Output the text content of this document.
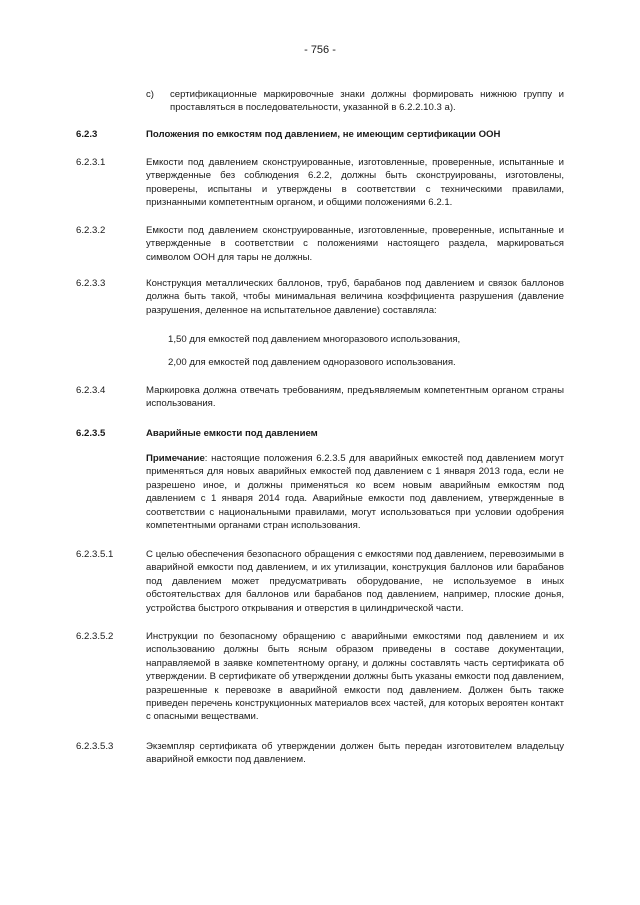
- 756 -
c) сертификационные маркировочные знаки должны формировать нижнюю группу и проставляться в последовательности, указанной в 6.2.2.10.3 а).
6.2.3	Положения по емкостям под давлением, не имеющим сертификации ООН
6.2.3.1	Емкости под давлением сконструированные, изготовленные, проверенные, испытанные и утвержденные без соблюдения 6.2.2, должны быть сконструированы, изготовлены, проверены, испытаны и утверждены в соответствии с техническими правилами, признанными компетентным органом, и общими положениями 6.2.1.
6.2.3.2	Емкости под давлением сконструированные, изготовленные, проверенные, испытанные и утвержденные в соответствии с положениями настоящего раздела, маркироваться символом ООН для тары не должны.
6.2.3.3	Конструкция металлических баллонов, труб, барабанов под давлением и связок баллонов должна быть такой, чтобы минимальная величина коэффициента разрушения (давление разрушения, деленное на испытательное давление) составляла:
1,50 для емкостей под давлением многоразового использования,
2,00 для емкостей под давлением одноразового использования.
6.2.3.4	Маркировка должна отвечать требованиям, предъявляемым компетентным органом страны использования.
6.2.3.5	Аварийные емкости под давлением
Примечание: настоящие положения 6.2.3.5 для аварийных емкостей под давлением могут применяться для новых аварийных емкостей под давлением с 1 января 2013 года, если не разрешено иное, и должны применяться ко всем новым аварийным емкостям под давлением с 1 января 2014 года. Аварийные емкости под давлением, утвержденные в соответствии с национальными правилами, могут использоваться при условии одобрения компетентными органами стран использования.
6.2.3.5.1	С целью обеспечения безопасного обращения с емкостями под давлением, перевозимыми в аварийной емкости под давлением, и их утилизации, конструкция баллонов или барабанов под давлением может предусматривать оборудование, не используемое в иных обстоятельствах для баллонов или барабанов под давлением, например, плоские донья, устройства быстрого открывания и отверстия в цилиндрической части.
6.2.3.5.2	Инструкции по безопасному обращению с аварийными емкостями под давлением и их использованию должны быть ясным образом приведены в составе документации, направляемой в заявке компетентному органу, и должны составлять часть сертификата об утверждении. В сертификате об утверждении должны быть указаны емкости под давлением, разрешенные к перевозке в аварийной емкости под давлением. Должен быть также приведен перечень конструкционных материалов всех частей, для которых вероятен контакт с опасными веществами.
6.2.3.5.3	Экземпляр сертификата об утверждении должен быть передан изготовителем владельцу аварийной емкости под давлением.
